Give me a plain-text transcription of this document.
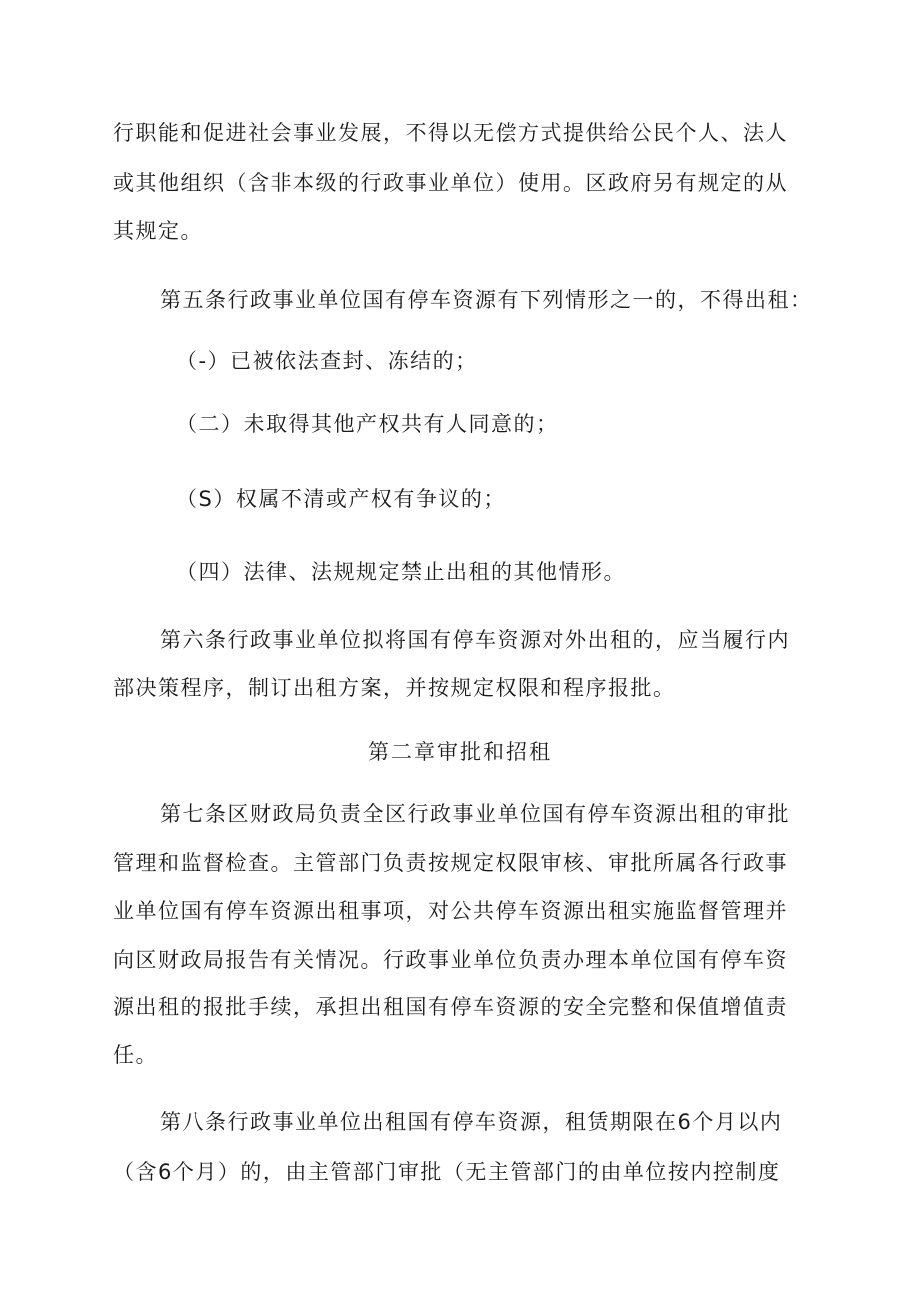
行职能和促进社会事业发展，不得以无偿方式提供给公民个人、法人
或其他组织（含非本级的行政事业单位）使用。区政府另有规定的从
其规定。
第五条行政事业单位国有停车资源有下列情形之一的，不得出租：
（-）已被依法查封、冻结的；
（二）未取得其他产权共有人同意的；
（S）权属不清或产权有争议的；
（四）法律、法规规定禁止出租的其他情形。
第六条行政事业单位拟将国有停车资源对外出租的，应当履行内
部决策程序，制订出租方案，并按规定权限和程序报批。
第二章审批和招租
第七条区财政局负责全区行政事业单位国有停车资源出租的审批
管理和监督检查。主管部门负责按规定权限审核、审批所属各行政事
业单位国有停车资源出租事项，对公共停车资源出租实施监督管理并
向区财政局报告有关情况。行政事业单位负责办理本单位国有停车资
源出租的报批手续，承担出租国有停车资源的安全完整和保值增值责
任。
第八条行政事业单位出租国有停车资源，租赁期限在6个月以内
（含6个月）的，由主管部门审批（无主管部门的由单位按内控制度
